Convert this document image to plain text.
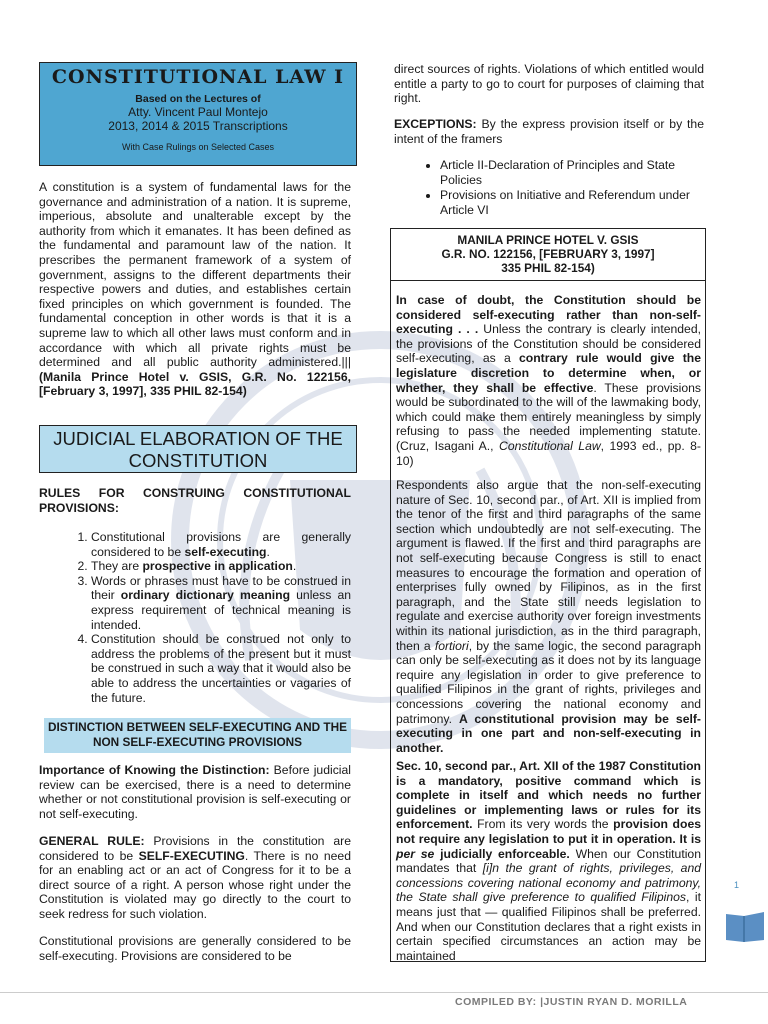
CONSTITUTIONAL LAW I
Based on the Lectures of
Atty. Vincent Paul Montejo
2013, 2014 & 2015 Transcriptions
With Case Rulings on Selected Cases
A constitution is a system of fundamental laws for the governance and administration of a nation. It is supreme, imperious, absolute and unalterable except by the authority from which it emanates. It has been defined as the fundamental and paramount law of the nation. It prescribes the permanent framework of a system of government, assigns to the different departments their respective powers and duties, and establishes certain fixed principles on which government is founded. The fundamental conception in other words is that it is a supreme law to which all other laws must conform and in accordance with which all private rights must be determined and all public authority administered.||| (Manila Prince Hotel v. GSIS, G.R. No. 122156, [February 3, 1997], 335 PHIL 82-154)
JUDICIAL ELABORATION OF THE CONSTITUTION
RULES FOR CONSTRUING CONSTITUTIONAL PROVISIONS:
1. Constitutional provisions are generally considered to be self-executing.
2. They are prospective in application.
3. Words or phrases must have to be construed in their ordinary dictionary meaning unless an express requirement of technical meaning is intended.
4. Constitution should be construed not only to address the problems of the present but it must be construed in such a way that it would also be able to address the uncertainties or vagaries of the future.
DISTINCTION BETWEEN SELF-EXECUTING AND THE NON SELF-EXECUTING PROVISIONS
Importance of Knowing the Distinction: Before judicial review can be exercised, there is a need to determine whether or not constitutional provision is self-executing or not self-executing.
GENERAL RULE: Provisions in the constitution are considered to be SELF-EXECUTING. There is no need for an enabling act or an act of Congress for it to be a direct source of a right. A person whose right under the Constitution is violated may go directly to the court to seek redress for such violation.
Constitutional provisions are generally considered to be self-executing. Provisions are considered to be
direct sources of rights. Violations of which entitled would entitle a party to go to court for purposes of claiming that right.
EXCEPTIONS: By the express provision itself or by the intent of the framers
• Article II-Declaration of Principles and State Policies
• Provisions on Initiative and Referendum under Article VI
MANILA PRINCE HOTEL V. GSIS
G.R. NO. 122156, [FEBRUARY 3, 1997]
335 PHIL 82-154)
In case of doubt, the Constitution should be considered self-executing rather than non-self-executing . . . Unless the contrary is clearly intended, the provisions of the Constitution should be considered self-executing, as a contrary rule would give the legislature discretion to determine when, or whether, they shall be effective. These provisions would be subordinated to the will of the lawmaking body, which could make them entirely meaningless by simply refusing to pass the needed implementing statute. (Cruz, Isagani A., Constitutional Law, 1993 ed., pp. 8-10)
Respondents also argue that the non-self-executing nature of Sec. 10, second par., of Art. XII is implied from the tenor of the first and third paragraphs of the same section which undoubtedly are not self-executing. The argument is flawed. If the first and third paragraphs are not self-executing because Congress is still to enact measures to encourage the formation and operation of enterprises fully owned by Filipinos, as in the first paragraph, and the State still needs legislation to regulate and exercise authority over foreign investments within its national jurisdiction, as in the third paragraph, then a fortiori, by the same logic, the second paragraph can only be self-executing as it does not by its language require any legislation in order to give preference to qualified Filipinos in the grant of rights, privileges and concessions covering the national economy and patrimony. A constitutional provision may be self-executing in one part and non-self-executing in another.
Sec. 10, second par., Art. XII of the 1987 Constitution is a mandatory, positive command which is complete in itself and which needs no further guidelines or implementing laws or rules for its enforcement. From its very words the provision does not require any legislation to put it in operation. It is per se judicially enforceable. When our Constitution mandates that [i]n the grant of rights, privileges, and concessions covering national economy and patrimony, the State shall give preference to qualified Filipinos, it means just that — qualified Filipinos shall be preferred. And when our Constitution declares that a right exists in certain specified circumstances an action may be maintained
1
COMPILED BY: |JUSTIN RYAN D. MORILLA
